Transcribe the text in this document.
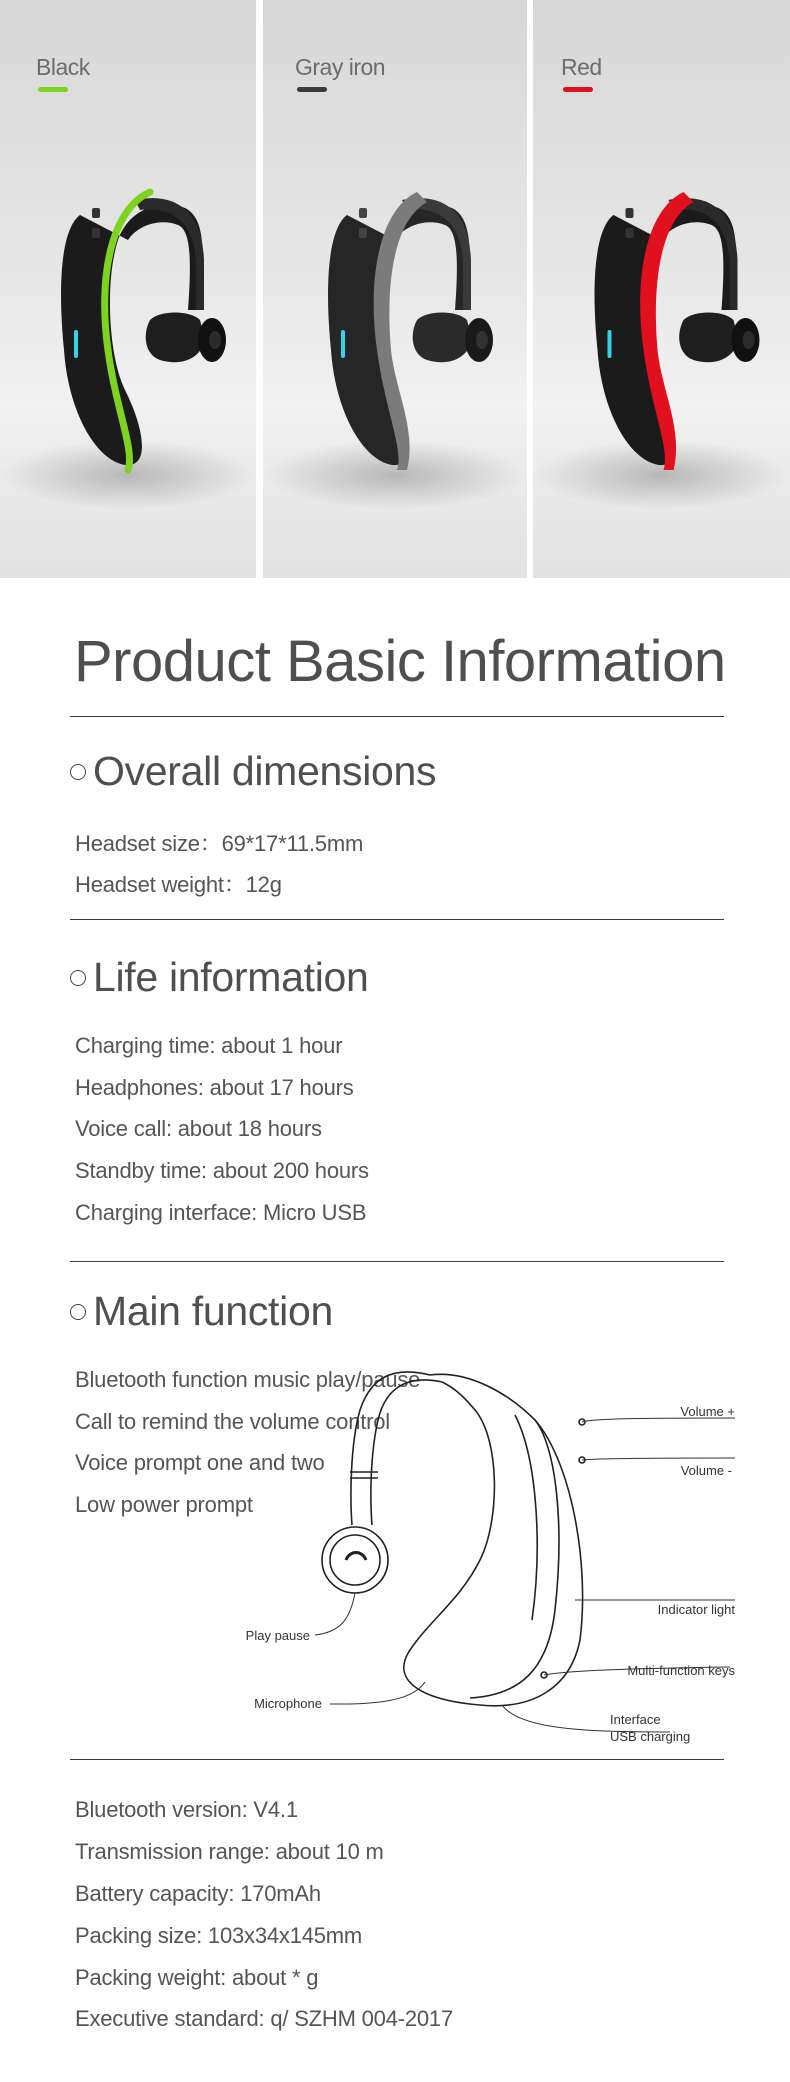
Black	Gray iron	Red
Product Basic Information
Overall dimensions
Headset size：69*17*11.5mm
Headset weight：12g
Life information
Charging time: about 1 hour
Headphones: about 17 hours
Voice call: about 18 hours
Standby time: about 200 hours
Charging interface: Micro USB
Main function
Bluetooth function music play/pause
Call to remind the volume control
Voice prompt one and two
Low power prompt
Volume +
Volume -
Indicator light
Multi-function keys
Interface
USB charging
Play pause
Microphone
Bluetooth version: V4.1
Transmission range: about 10 m
Battery capacity: 170mAh
Packing size: 103x34x145mm
Packing weight: about * g
Executive standard: q/ SZHM 004-2017
